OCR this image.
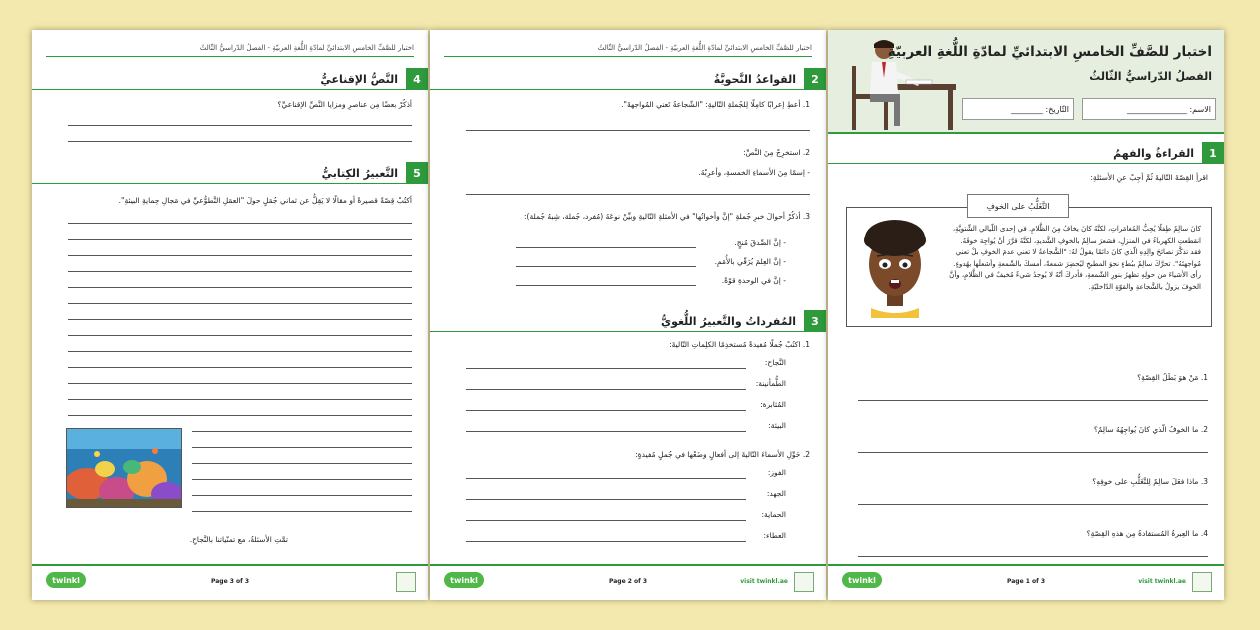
اختبار للصَّفِّ الخامسِ الابتدائيِّ لمادّةِ اللُّغةِ العربيّةِ - الفصلُ الدّراسيُّ الثّالثُ
4
النَّصُّ الإقناعيُّ
أذكُرْ بعضًا مِن عناصرِ ومزايا النَّصِّ الإقناعيِّ؟
5
التَّعبيرُ الكِتابيُّ
أكتُبْ قِصّةً قصيرةً أو مقالًا لا يَقِلُّ عن ثماني جُمَلٍ حولَ "العمَلِ التَّطوُّعيِّ في مَجالِ حِمايةِ البيئةِ".
تمَّتِ الأسئلةُ، مع تمنّياتنا بالنَّجاحِ.
twinkl	Page 3 of 3
اختبار للصَّفِّ الخامسِ الابتدائيِّ لمادّةِ اللُّغةِ العربيّةِ - الفصلُ الدّراسيُّ الثّالثُ
2
القواعدُ النَّحويَّةُ
1. أعطِ إعرابًا كامِلًا لِلجُملةِ التّاليةِ: "الشّجاعةُ تَعني المُواجهةَ".
2. استخرِجْ مِنَ النَّصِّ:
- إسمًا مِنَ الأسماءِ الخمسةِ، وأعرِبْهُ.
3. أذكُرْ أحوالَ خبرِ جُملةِ "إنَّ وأخواتُها" في الأمثلةِ التّاليةِ وبيِّنْ نوعَهُ (مُفرد، جُملة، شِبهُ جُملة):
- إنَّ الصِّدقَ مُنجٍ.
- إنَّ العِلمَ يُرَقّي بالأُمَمِ.
- إنَّ في الوحدةِ قوّةً.
3
المُفرداتُ والتَّعبيرُ اللُّغويُّ
1. اكتُبْ جُملًا مُفيدةً مُستخدِمًا الكلِماتِ التّاليةَ:
النَّجاح:
الطُّمأنينة:
المُثابرة:
البيئة:
2. حَوِّلِ الأسماءَ التّاليةَ إلى أفعالٍ وضَعْها في جُملٍ مُفيدةٍ:
الفوز:
الجهد:
الحماية:
العطاء:
twinkl	Page 2 of 3	visit twinkl.ae
اختبار للصَّفِّ الخامسِ الابتدائيِّ لمادّةِ اللُّغةِ العربيّةِ
الفصلُ الدّراسيُّ الثّالثُ
الاسم: _______________
التّاريخ: ________
1
القراءةُ والفهمُ
اقرأِ القِصّةَ التّاليةَ ثُمَّ أجِبْ عنِ الأسئلةِ:
التَّغَلُّبُ على الخوفِ
كانَ سالِمٌ طِفلًا يُحِبُّ المُغامَراتِ، لكنَّهُ كانَ يخافُ مِنَ الظَّلامِ. في إحدى اللّيالي الشِّتويَّةِ،
انقطعتِ الكهرباءُ في المنزلِ، فشعرَ سالِمٌ بالخوفِ الشَّديدِ، لكنَّهُ قرَّرَ أنْ يُواجِهَ خوفَهُ.
فقد تذكَّرَ نصائحَ والِدِهِ الّذي كانَ دائمًا يقولُ لهُ: "الشَّجاعةُ لا تعني عدمَ الخوفِ بلْ تعني
مُواجهتَهُ". تحرَّكَ سالِمٌ ببُطءٍ نحوَ المطبخِ ليُحضِرَ شمعةً، أمسكَ بالشّمعةِ وأشعلَها بهُدوءٍ.
رأى الأشياءَ من حولِهِ تظهرُ بنورِ الشّمعةِ، فأدركَ أنّهُ لا يُوجدُ شيءٌ مُخيفٌ في الظَّلامِ، وأنَّ
الخوفَ يزولُ بالشَّجاعةِ والقوّةِ الدّاخليّةِ.
1. مَنْ هوَ بَطَلُ القِصّةِ؟
2. ما الخوفُ الّذي كانَ يُواجِهُهُ سالِمٌ؟
3. ماذا فعَلَ سالِمٌ لِلتَّغَلُّبِ على خوفِهِ؟
4. ما العِبرةُ المُستفادةُ مِن هذهِ القِصّةِ؟
twinkl	Page 1 of 3	visit twinkl.ae
